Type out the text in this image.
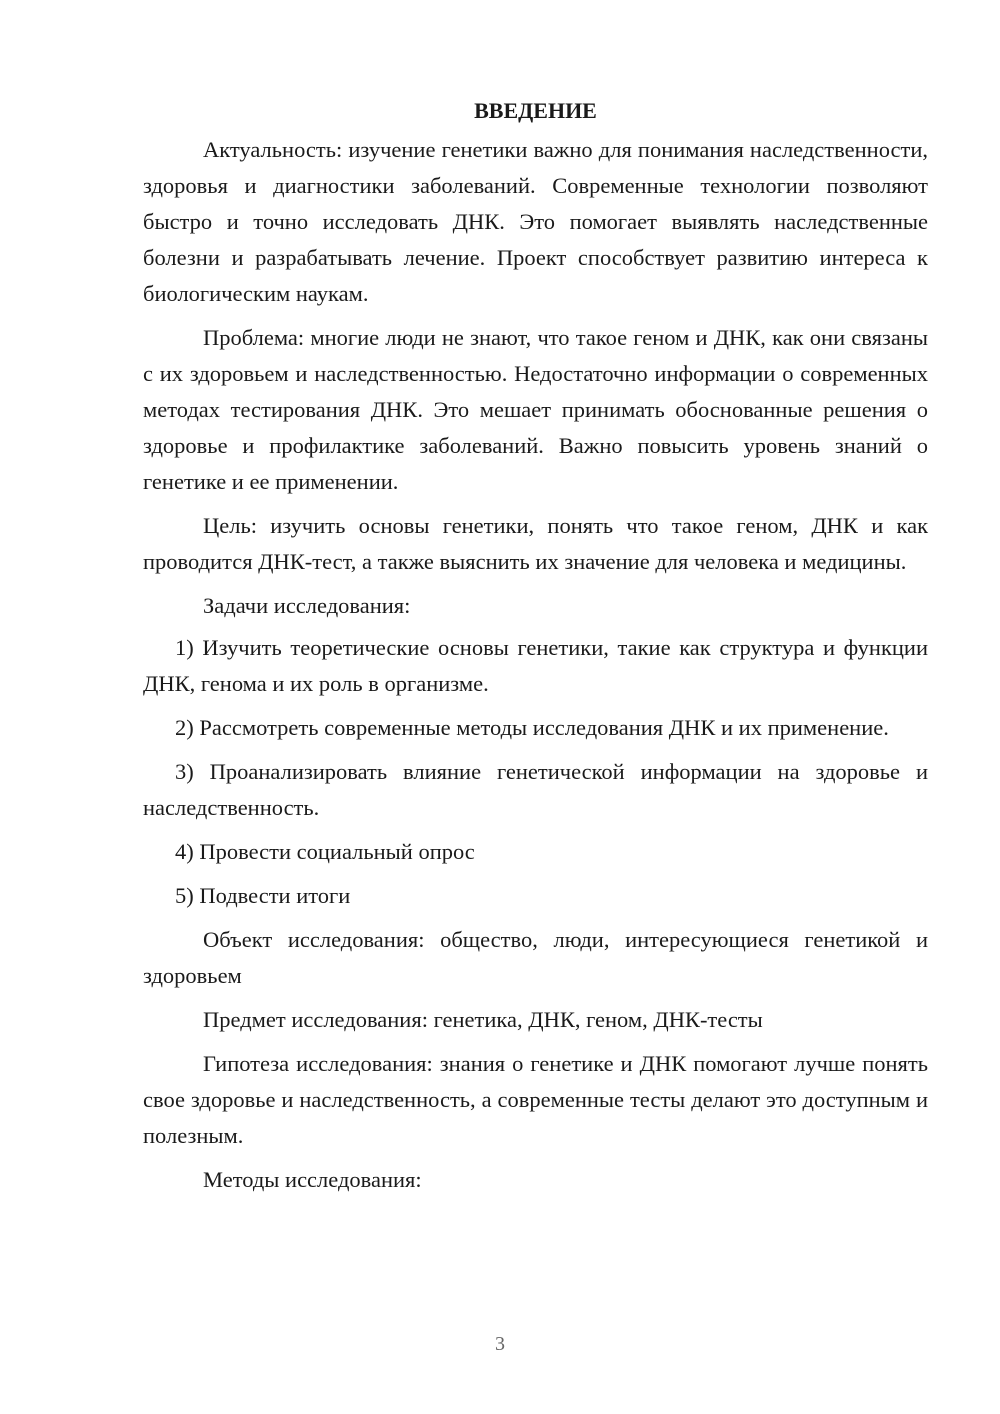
ВВЕДЕНИЕ

Актуальность: изучение генетики важно для понимания наследственности, здоровья и диагностики заболеваний. Современные технологии позволяют быстро и точно исследовать ДНК. Это помогает выявлять наследственные болезни и разрабатывать лечение. Проект способствует развитию интереса к биологическим наукам.

Проблема: многие люди не знают, что такое геном и ДНК, как они связаны с их здоровьем и наследственностью. Недостаточно информации о современных методах тестирования ДНК. Это мешает принимать обоснованные решения о здоровье и профилактике заболеваний. Важно повысить уровень знаний о генетике и ее применении.

Цель: изучить основы генетики, понять что такое геном, ДНК и как проводится ДНК-тест, а также выяснить их значение для человека и медицины.

Задачи исследования:

1) Изучить теоретические основы генетики, такие как структура и функции ДНК, генома и их роль в организме.

2) Рассмотреть современные методы исследования ДНК и их применение.

3) Проанализировать влияние генетической информации на здоровье и наследственность.

4) Провести социальный опрос

5) Подвести итоги

Объект исследования: общество, люди, интересующиеся генетикой и здоровьем

Предмет исследования: генетика, ДНК, геном, ДНК-тесты

Гипотеза исследования: знания о генетике и ДНК помогают лучше понять свое здоровье и наследственность, а современные тесты делают это доступным и полезным.

Методы исследования:

3
